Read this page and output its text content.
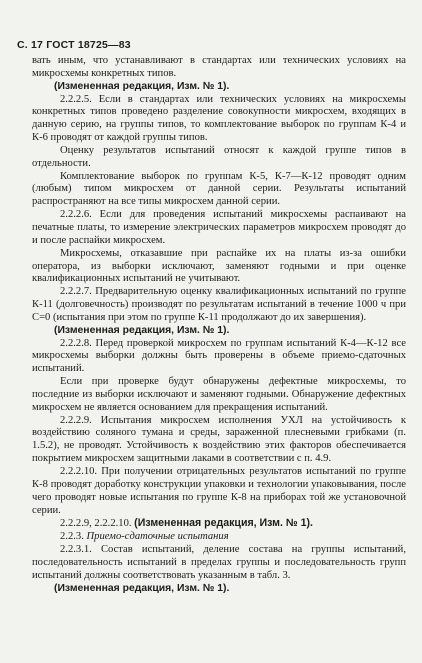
С. 17 ГОСТ 18725—83

вать иным, что устанавливают в стандартах или технических условиях на микросхемы конкретных типов.

(Измененная редакция, Изм. № 1).

2.2.2.5. Если в стандартах или технических условиях на микросхемы конкретных типов проведено разделение совокупности микросхем, входящих в данную серию, на группы типов, то комплектование выборок по группам К-4 и К-6 проводят от каждой группы типов.

Оценку результатов испытаний относят к каждой группе типов в отдельности.

Комплектование выборок по группам К-5, К-7—К-12 проводят одним (любым) типом микросхем от данной серии. Результаты испытаний распространяют на все типы микросхем данной серии.

2.2.2.6. Если для проведения испытаний микросхемы распаивают на печатные платы, то измерение электрических параметров микросхем проводят до и после распайки микросхем.

Микросхемы, отказавшие при распайке их на платы из-за ошибки оператора, из выборки исключают, заменяют годными и при оценке квалификационных испытаний не учитывают.

2.2.2.7. Предварительную оценку квалификационных испытаний по группе К-11 (долговечность) производят по результатам испытаний в течение 1000 ч при C=0 (испытания при этом по группе К-11 продолжают до их завершения).

(Измененная редакция, Изм. № 1).

2.2.2.8. Перед проверкой микросхем по группам испытаний К-4—К-12 все микросхемы выборки должны быть проверены в объеме приемо-сдаточных испытаний.

Если при проверке будут обнаружены дефектные микросхемы, то последние из выборки исключают и заменяют годными. Обнаружение дефектных микросхем не является основанием для прекращения испытаний.

2.2.2.9. Испытания микросхем исполнения УХЛ на устойчивость к воздействию соляного тумана и среды, зараженной плесневыми грибками (п. 1.5.2), не проводят. Устойчивость к воздействию этих факторов обеспечивается покрытием микросхем защитными лаками в соответствии с п. 4.9.

2.2.2.10. При получении отрицательных результатов испытаний по группе К-8 проводят доработку конструкции упаковки и технологии упаковывания, после чего проводят новые испытания по группе К-8 на приборах той же установочной серии.

2.2.2.9, 2.2.2.10. (Измененная редакция, Изм. № 1).

2.2.3. Приемо-сдаточные испытания

2.2.3.1. Состав испытаний, деление состава на группы испытаний, последовательность испытаний в пределах группы и последовательность групп испытаний должны соответствовать указанным в табл. 3.

(Измененная редакция, Изм. № 1).
